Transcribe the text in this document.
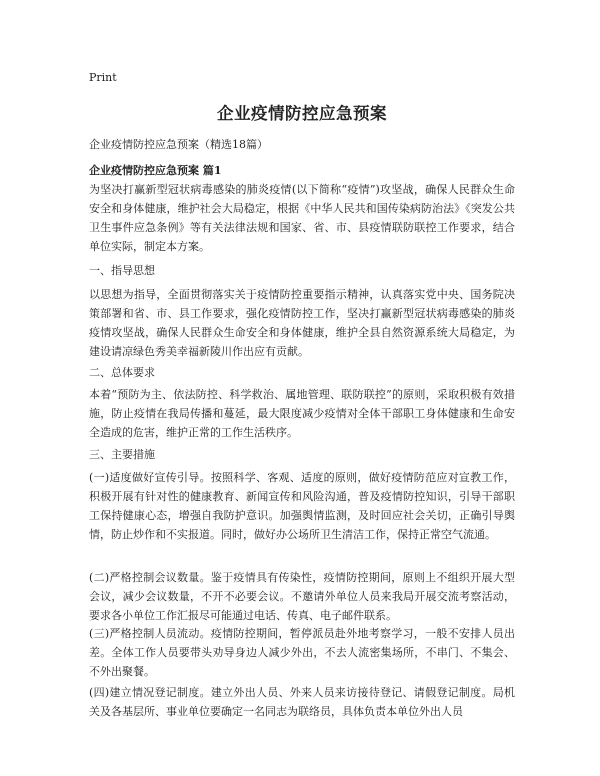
Print
企业疫情防控应急预案
企业疫情防控应急预案（精选18篇）
企业疫情防控应急预案 篇1

为坚决打赢新型冠状病毒感染的肺炎疫情(以下简称“疫情”)攻坚战，确保人民群众生命安全和身体健康，维护社会大局稳定，根据《中华人民共和国传染病防治法》《突发公共卫生事件应急条例》等有关法律法规和国家、省、市、县疫情联防联控工作要求，结合单位实际，制定本方案。

一、指导思想

以思想为指导，全面贯彻落实关于疫情防控重要指示精神，认真落实党中央、国务院决策部署和省、市、县工作要求，强化疫情防控工作，坚决打赢新型冠状病毒感染的肺炎疫情攻坚战，确保人民群众生命安全和身体健康，维护全县自然资源系统大局稳定，为建设请凉绿色秀美幸福新陵川作出应有贡献。

二、总体要求

本着“预防为主、依法防控、科学救治、属地管理、联防联控”的原则，采取积极有效措施，防止疫情在我局传播和蔓延，最大限度减少疫情对全体干部职工身体健康和生命安全造成的危害，维护正常的工作生活秩序。

三、主要措施

(一)适度做好宣传引导。按照科学、客观、适度的原则，做好疫情防范应对宣教工作，积极开展有针对性的健康教育、新闻宣传和风险沟通，普及疫情防控知识，引导干部职工保持健康心态，增强自我防护意识。加强舆情监测，及时回应社会关切，正确引导舆情，防止炒作和不实报道。同时，做好办公场所卫生清洁工作，保持正常空气流通。

(二)严格控制会议数量。鉴于疫情具有传染性，疫情防控期间，原则上不组织开展大型会议，减少会议数量，不开不必要会议。不邀请外单位人员来我局开展交流考察活动，要求各小单位工作汇报尽可能通过电话、传真、电子邮件联系。

(三)严格控制人员流动。疫情防控期间，暂停派员赴外地考察学习，一般不安排人员出差。全体工作人员要带头劝导身边人减少外出，不去人流密集场所，不串门、不集会、不外出聚餐。

(四)建立情况登记制度。建立外出人员、外来人员来访接待登记、请假登记制度。局机关及各基层所、事业单位要确定一名同志为联络员，具体负责本单位外出人员
